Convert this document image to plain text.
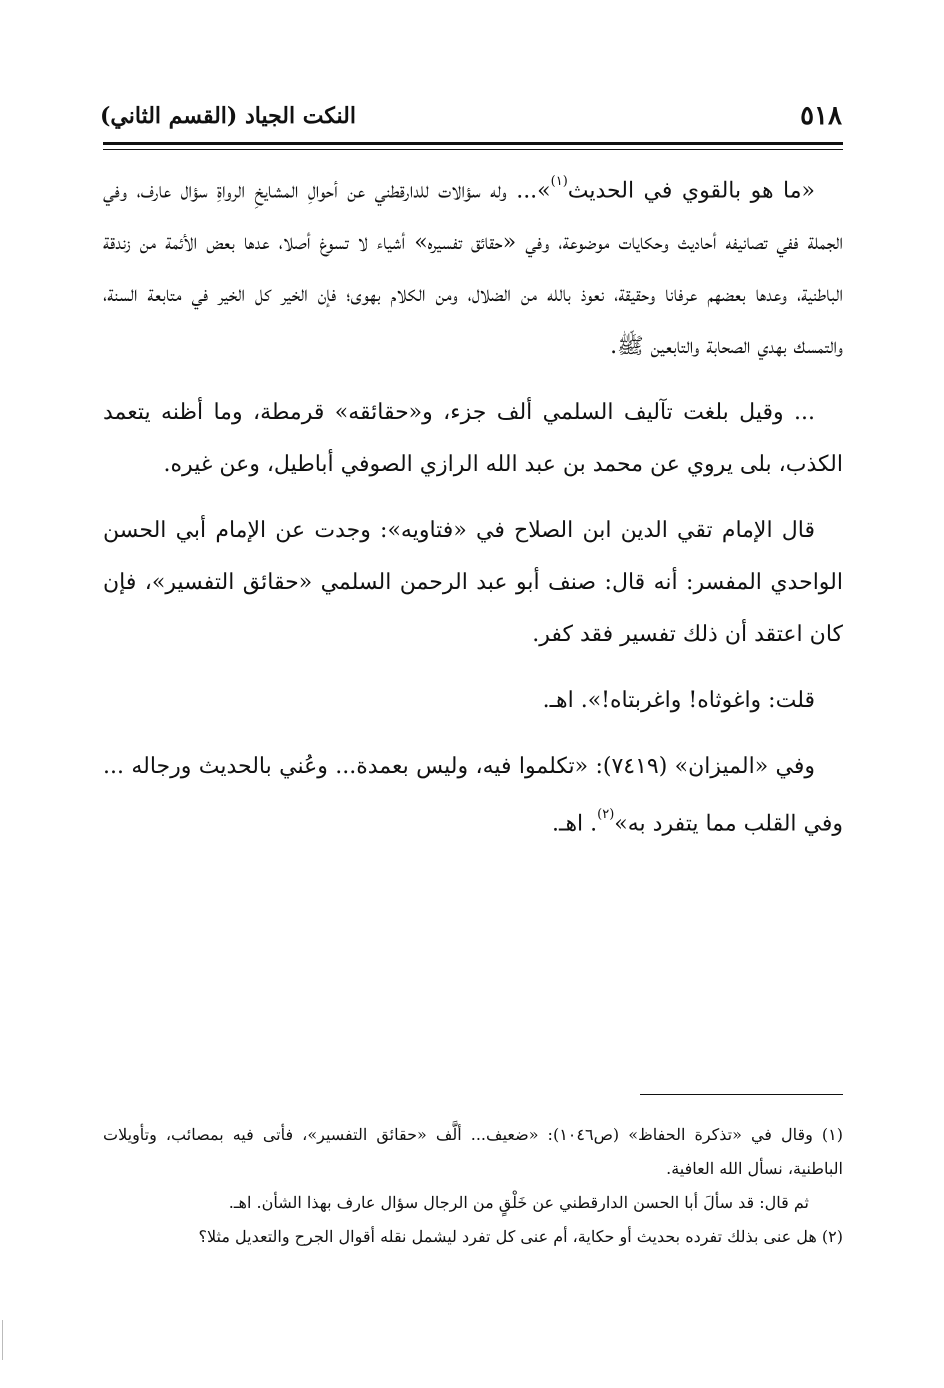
٥١٨
النكت الجياد (القسم الثاني)

«ما هو بالقوي في الحديث$^{(١)}$»... وله سؤالات للدارقطني عن أحوالِ المشايخِ الرواةِ سؤال عارف، وفي الجملة ففي تصانيفه أحاديث وحكايات موضوعة، وفي «حقائق تفسيره» أشياء لا تسوغ أصلا، عدها بعض الأئمة من زندقة الباطنية، وعدها بعضهم عرفانا وحقيقة، نعوذ بالله من الضلال، ومن الكلام بهوى؛ فإن الخير كل الخير في متابعة السنة، والتمسك بهدي الصحابة والتابعين ﷺ.

... وقيل بلغت تآليف السلمي ألف جزء، و«حقائقه» قرمطة، وما أظنه يتعمد الكذب، بلى يروي عن محمد بن عبد الله الرازي الصوفي أباطيل، وعن غيره.

قال الإمام تقي الدين ابن الصلاح في «فتاويه»: وجدت عن الإمام أبي الحسن الواحدي المفسر: أنه قال: صنف أبو عبد الرحمن السلمي «حقائق التفسير»، فإن كان اعتقد أن ذلك تفسير فقد كفر.

قلت: واغوثاه! واغربتاه!». اهـ.

وفي «الميزان» (٧٤١٩): «تكلموا فيه، وليس بعمدة... وعُني بالحديث ورجاله ... وفي القلب مما يتفرد به»$^{(٢)}$. اهـ.

(١) وقال في «تذكرة الحفاظ» (ص١٠٤٦): «ضعيف... ألَّف «حقائق التفسير»، فأتى فيه بمصائب، وتأويلات الباطنية، نسأل الله العافية.

ثم قال: قد سألَ أبا الحسن الدارقطني عن خَلْقٍ من الرجال سؤال عارف بهذا الشأن. اهـ.

(٢) هل عنى بذلك تفرده بحديث أو حكاية، أم عنى كل تفرد ليشمل نقله أقوال الجرح والتعديل مثلا؟
